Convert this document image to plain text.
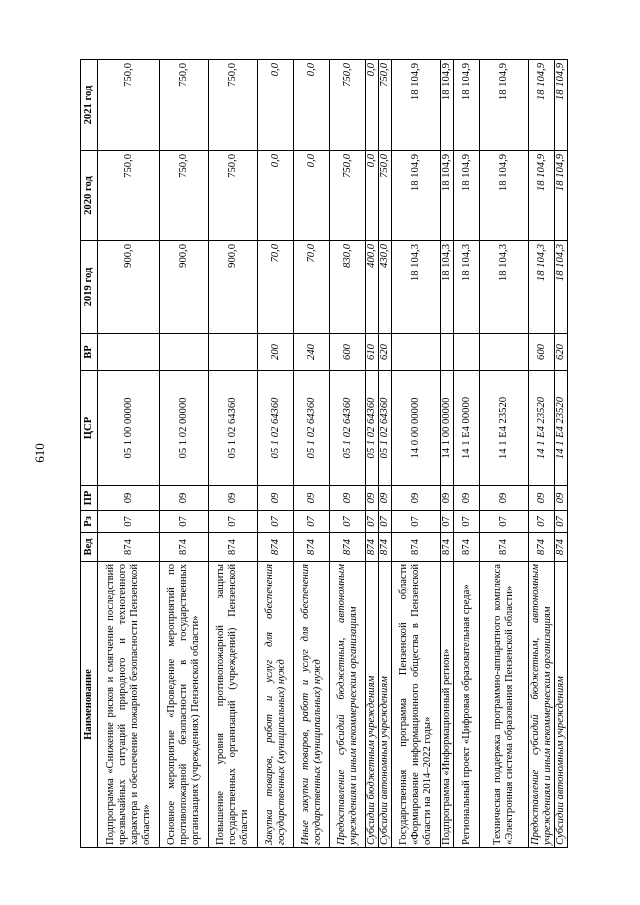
610
Наименование	Вед	Рз	ПР	ЦСР	ВР	2019 год	2020 год	2021 год
Подпрограмма «Снижение рисков и смягчение последствий чрезвычайных ситуаций природного и техногенного характера и обеспечение пожарной безопасности Пензенской области»	874	07	09	05 1 00 00000		900,0	750,0	750,0
Основное мероприятие «Проведение мероприятий по противопожарной безопасности в государственных организациях (учреждениях) Пензенской области»	874	07	09	05 1 02 00000		900,0	750,0	750,0
Повышение уровня противопожарной защиты государственных организаций (учреждений) Пензенской области	874	07	09	05 1 02 64360		900,0	750,0	750,0
Закупка товаров, работ и услуг для обеспечения государственных (муниципальных) нужд	874	07	09	05 1 02 64360	200	70,0	0,0	0,0
Иные закупки товаров, работ и услуг для обеспечения государственных (муниципальных) нужд	874	07	09	05 1 02 64360	240	70,0	0,0	0,0
Предоставление субсидий бюджетным, автономным учреждениям и иным некоммерческим организациям	874	07	09	05 1 02 64360	600	830,0	750,0	750,0
Субсидии бюджетным учреждениям	874	07	09	05 1 02 64360	610	400,0	0,0	0,0
Субсидии автономным учреждениям	874	07	09	05 1 02 64360	620	430,0	750,0	750,0
Государственная программа Пензенской области «Формирование информационного общества в Пензенской области на 2014–2022 годы»	874	07	09	14 0 00 00000		18 104,3	18 104,9	18 104,9
Подпрограмма «Информационный регион»	874	07	09	14 1 00 00000		18 104,3	18 104,9	18 104,9
Региональный проект «Цифровая образовательная среда»	874	07	09	14 1 E4 00000		18 104,3	18 104,9	18 104,9
Техническая поддержка программно-аппаратного комплекса «Электронная система образования Пензенской области»	874	07	09	14 1 E4 23520		18 104,3	18 104,9	18 104,9
Предоставление субсидий бюджетным, автономным учреждениям и иным некоммерческим организациям	874	07	09	14 1 E4 23520	600	18 104,3	18 104,9	18 104,9
Субсидии автономным учреждениям	874	07	09	14 1 E4 23520	620	18 104,3	18 104,9	18 104,9
